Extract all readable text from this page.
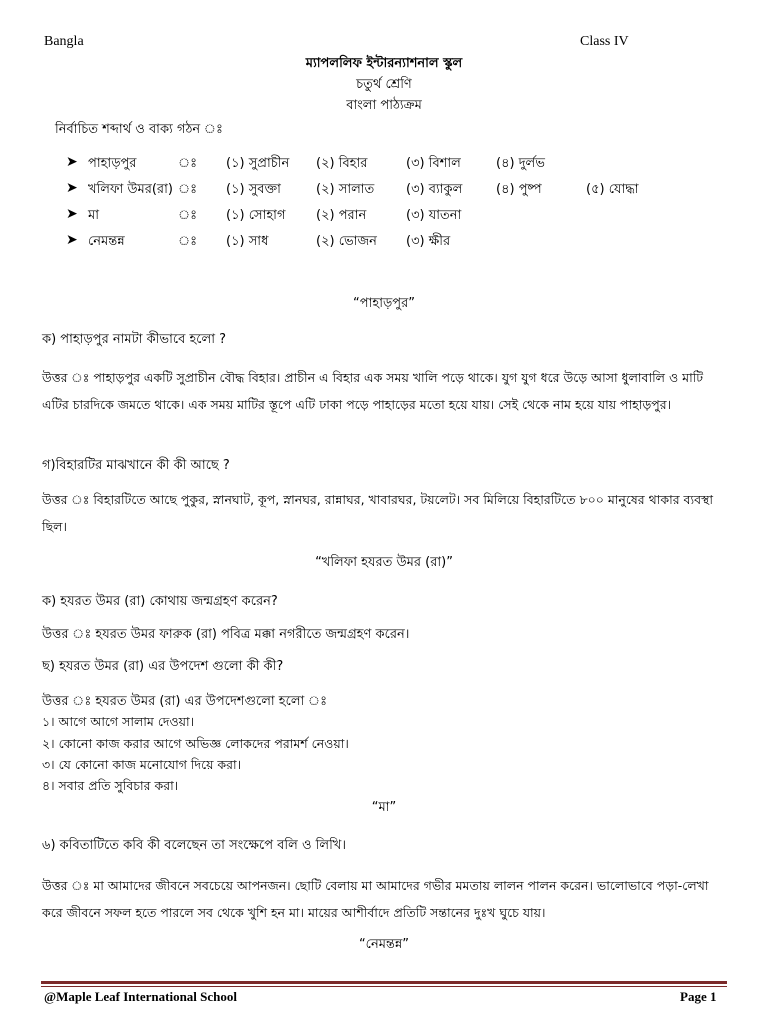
Bangla	Class IV
ম্যাপললিফ ইন্টারন্যাশনাল স্কুল
চতুর্থ শ্রেণি
বাংলা পাঠ্যক্রম
নির্বাচিত শব্দার্থ ও বাক্য গঠন ঃ
➤ পাহাড়পুর	ঃ (১) সুপ্রাচীন (২) বিহার	(৩) বিশাল	(৪) দুর্লভ
➤ খলিফা উমর(রা) ঃ (১) সুবক্তা	(২) সালাত (৩) ব্যাকুল	(৪) পুষ্প	(৫) যোদ্ধা
➤ মা	ঃ (১) সোহাগ (২) পরান	(৩) যাতনা
➤ নেমন্তন্ন	ঃ (১) সাধ	(২) ভোজন (৩) ক্ষীর
“পাহাড়পুর”
ক) পাহাড়পুর নামটা কীভাবে হলো ?
উত্তর ঃ পাহাড়পুর একটি সুপ্রাচীন বৌদ্ধ বিহার। প্রাচীন এ বিহার এক সময় খালি পড়ে থাকে। যুগ যুগ ধরে উড়ে আসা ধুলাবালি ও মাটি এটির চারদিকে জমতে থাকে। এক সময় মাটির স্তূপে এটি ঢাকা পড়ে পাহাড়ের মতো হয়ে যায়। সেই থেকে নাম হয়ে যায় পাহাড়পুর।
গ)বিহারটির মাঝখানে কী কী আছে ?
উত্তর ঃ বিহারটিতে আছে পুকুর, স্নানঘাট, কূপ, স্নানঘর, রান্নাঘর, খাবারঘর, টয়লেট। সব মিলিয়ে বিহারটিতে ৮০০ মানুষের থাকার ব্যবস্থা ছিল।
“খলিফা হযরত উমর (রা)”
ক) হযরত উমর (রা) কোথায় জন্মগ্রহণ করেন?
উত্তর ঃ হযরত উমর ফারুক (রা) পবিত্র মক্কা নগরীতে জন্মগ্রহণ করেন।
ছ) হযরত উমর (রা) এর উপদেশ গুলো কী কী?
উত্তর ঃ হযরত উমর (রা) এর উপদেশগুলো হলো ঃ
১। আগে আগে সালাম দেওয়া।
২। কোনো কাজ করার আগে অভিজ্ঞ লোকদের পরামর্শ নেওয়া।
৩। যে কোনো কাজ মনোযোগ দিয়ে করা।
৪। সবার প্রতি সুবিচার করা।
“মা”
৬) কবিতাটিতে কবি কী বলেছেন তা সংক্ষেপে বলি ও লিখি।
উত্তর ঃ মা আমাদের জীবনে সবচেয়ে আপনজন। ছোটি বেলায় মা আমাদের গভীর মমতায় লালন পালন করেন। ভালোভাবে পড়া-লেখা করে জীবনে সফল হতে পারলে সব থেকে খুশি হন মা। মায়ের আশীর্বাদে প্রতিটি সন্তানের দুঃখ ঘুচে যায়।
“নেমন্তন্ন”
@Maple Leaf International School	Page 1
